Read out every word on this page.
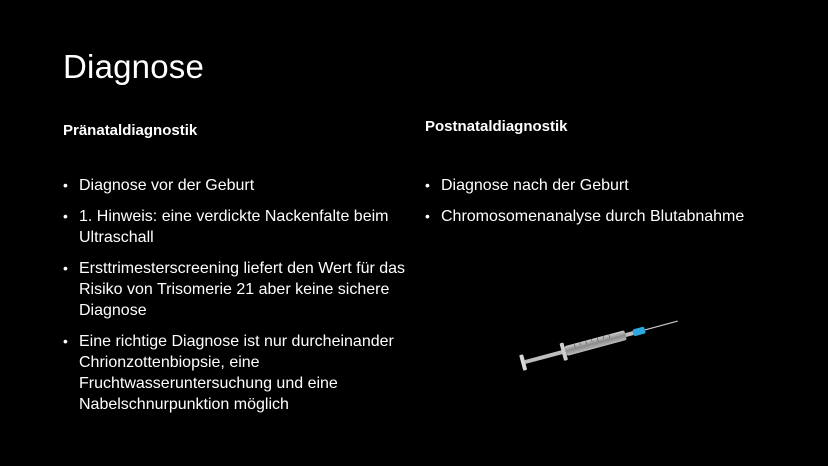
Diagnose
Pränataldiagnostik	Postnataldiagnostik
• Diagnose vor der Geburt
• 1. Hinweis: eine verdickte Nackenfalte beim Ultraschall
• Ersttrimesterscreening liefert den Wert für das Risiko von Trisomerie 21 aber keine sichere Diagnose
• Eine richtige Diagnose ist nur durcheinander Chrionzottenbiopsie, eine Fruchtwasseruntersuchung und eine Nabelschnurpunktion möglich
• Diagnose nach der Geburt
• Chromosomenanalyse durch Blutabnahme
